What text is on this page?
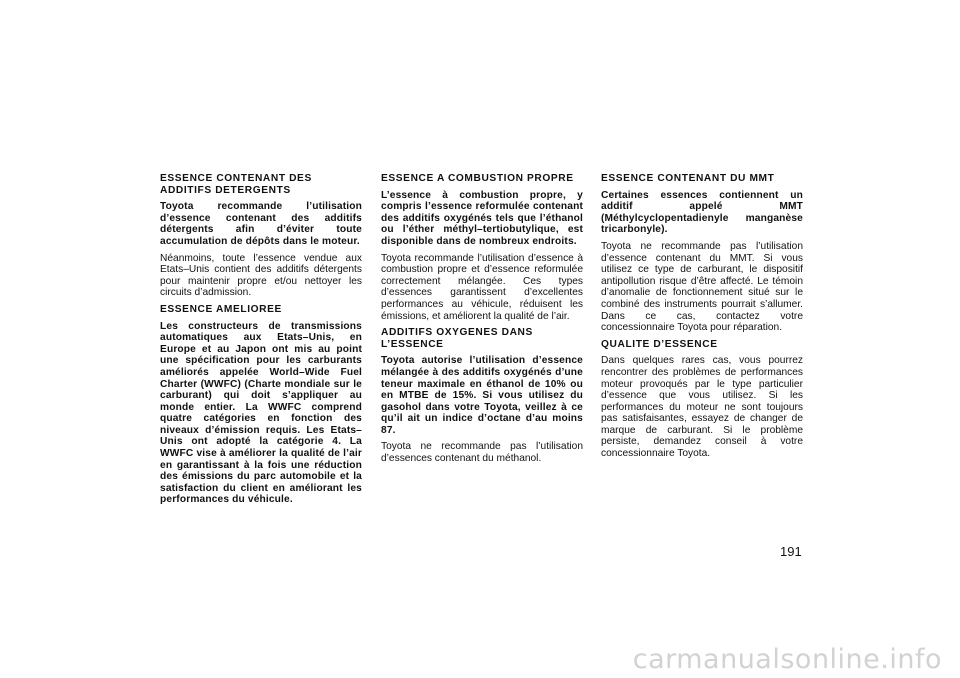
ESSENCE CONTENANT DES ADDITIFS DETERGENTS

Toyota recommande l’utilisation d’essence contenant des additifs détergents afin d’éviter toute accumulation de dépôts dans le moteur.

Néanmoins, toute l’essence vendue aux Etats–Unis contient des additifs détergents pour maintenir propre et/ou nettoyer les circuits d’admission.

ESSENCE AMELIOREE

Les constructeurs de transmissions automatiques aux Etats–Unis, en Europe et au Japon ont mis au point une spécification pour les carburants améliorés appelée World–Wide Fuel Charter (WWFC) (Charte mondiale sur le carburant) qui doit s’appliquer au monde entier. La WWFC comprend quatre catégories en fonction des niveaux d’émission requis. Les Etats–Unis ont adopté la catégorie 4. La WWFC vise à améliorer la qualité de l’air en garantissant à la fois une réduction des émissions du parc automobile et la satisfaction du client en améliorant les performances du véhicule.

ESSENCE A COMBUSTION PROPRE

L’essence à combustion propre, y compris l’essence reformulée contenant des additifs oxygénés tels que l’éthanol ou l’éther méthyl–tertiobutylique, est disponible dans de nombreux endroits.

Toyota recommande l’utilisation d’essence à combustion propre et d’essence reformulée correctement mélangée. Ces types d’essences garantissent d’excellentes performances au véhicule, réduisent les émissions, et améliorent la qualité de l’air.

ADDITIFS OXYGENES DANS L’ESSENCE

Toyota autorise l’utilisation d’essence mélangée à des additifs oxygénés d’une teneur maximale en éthanol de 10% ou en MTBE de 15%. Si vous utilisez du gasohol dans votre Toyota, veillez à ce qu’il ait un indice d’octane d’au moins 87.

Toyota ne recommande pas l’utilisation d’essences contenant du méthanol.

ESSENCE CONTENANT DU MMT

Certaines essences contiennent un additif appelé MMT (Méthylcyclopentadienyle manganèse tricarbonyle).

Toyota ne recommande pas l’utilisation d’essence contenant du MMT. Si vous utilisez ce type de carburant, le dispositif antipollution risque d’être affecté. Le témoin d’anomalie de fonctionnement situé sur le combiné des instruments pourrait s’allumer. Dans ce cas, contactez votre concessionnaire Toyota pour réparation.

QUALITE D’ESSENCE

Dans quelques rares cas, vous pourrez rencontrer des problèmes de performances moteur provoqués par le type particulier d’essence que vous utilisez. Si les performances du moteur ne sont toujours pas satisfaisantes, essayez de changer de marque de carburant. Si le problème persiste, demandez conseil à votre concessionnaire Toyota.

191
carmanualsonline.info
